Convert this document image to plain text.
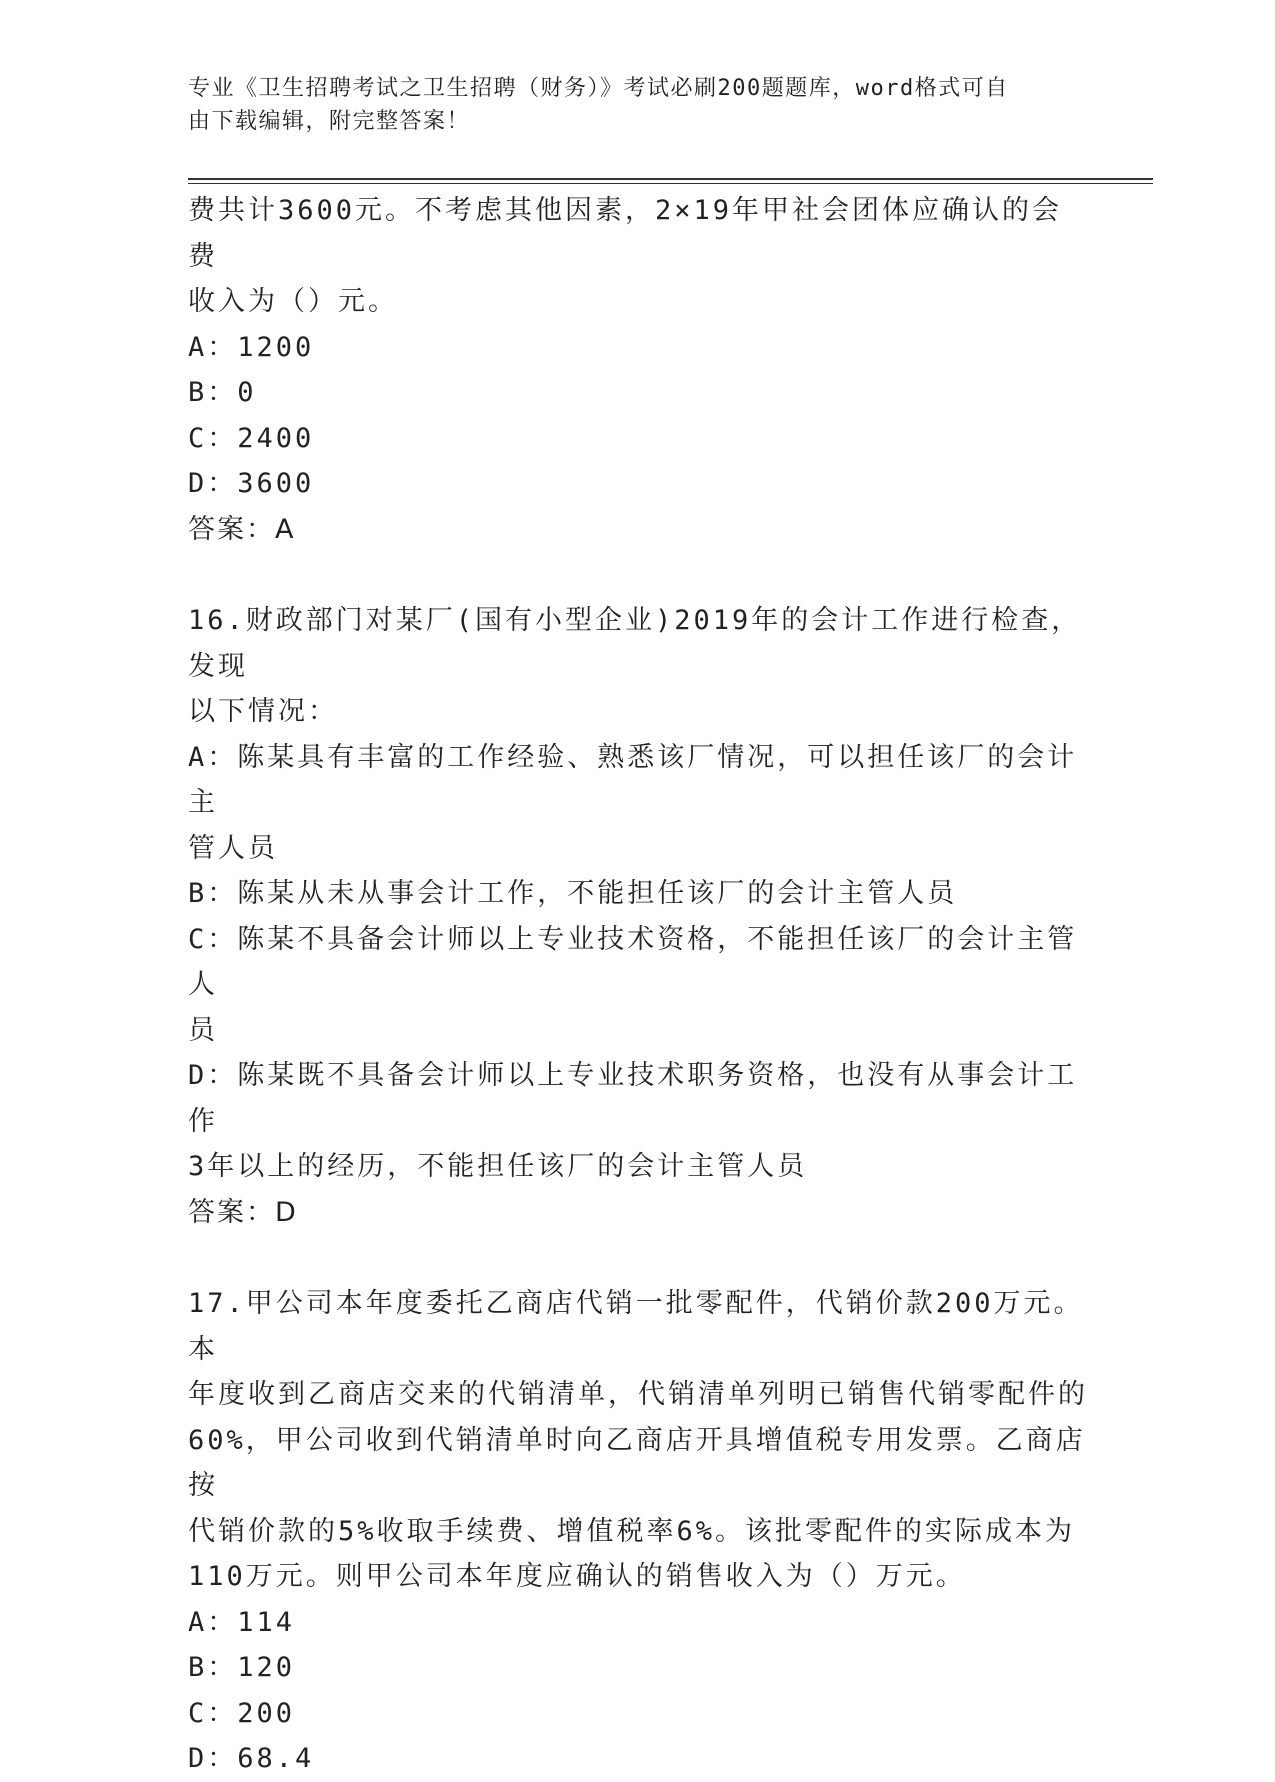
专业《卫生招聘考试之卫生招聘（财务）》考试必刷200题题库，word格式可自
由下载编辑，附完整答案！
费共计3600元。不考虑其他因素，2×19年甲社会团体应确认的会费
收入为（）元。
A：1200
B：0
C：2400
D：3600
答案：A
16.财政部门对某厂(国有小型企业)2019年的会计工作进行检查，发现
以下情况：
A：陈某具有丰富的工作经验、熟悉该厂情况，可以担任该厂的会计主
管人员
B：陈某从未从事会计工作，不能担任该厂的会计主管人员
C：陈某不具备会计师以上专业技术资格，不能担任该厂的会计主管人
员
D：陈某既不具备会计师以上专业技术职务资格，也没有从事会计工作
3年以上的经历，不能担任该厂的会计主管人员
答案：D
17.甲公司本年度委托乙商店代销一批零配件，代销价款200万元。本
年度收到乙商店交来的代销清单，代销清单列明已销售代销零配件的
60%，甲公司收到代销清单时向乙商店开具增值税专用发票。乙商店按
代销价款的5%收取手续费、增值税率6%。该批零配件的实际成本为
110万元。则甲公司本年度应确认的销售收入为（）万元。
A：114
B：120
C：200
D：68.4
